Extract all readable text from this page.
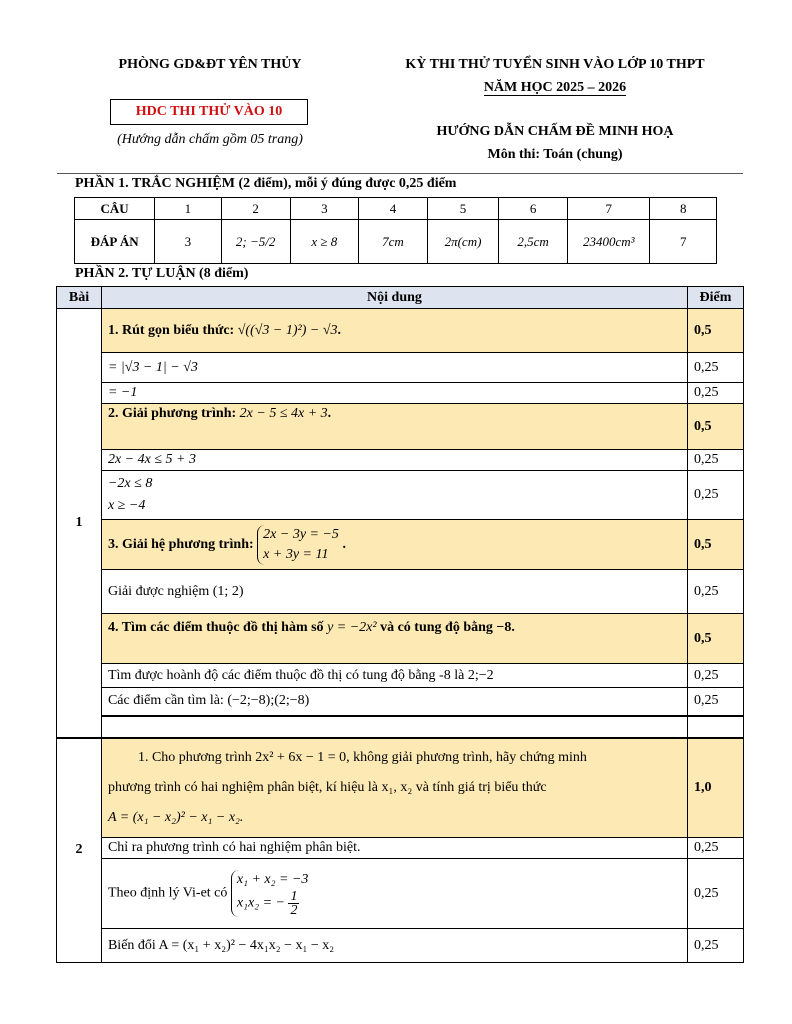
PHÒNG GD&ĐT YÊN THỦY
HDC THI THỬ VÀO 10
(Hướng dẫn chấm gồm 05 trang)
KỲ THI THỬ TUYỂN SINH VÀO LỚP 10 THPT
NĂM HỌC 2025 – 2026
HƯỚNG DẪN CHẤM ĐỀ MINH HOẠ
Môn thi: Toán (chung)
PHẦN 1. TRẮC NGHIỆM (2 điểm), mỗi ý đúng được 0,25 điểm
CÂU	1	2	3	4	5	6	7	8
ĐÁP ÁN	3	2; −5/2	x ≥ 8	7cm	2π(cm)	2,5cm	23400cm³	7
PHẦN 2. TỰ LUẬN (8 điểm)
Bài	Nội dung	Điểm
1	1. Rút gọn biểu thức: √((√3 − 1)²) − √3.	0,5
	= |√3 − 1| − √3	0,25
	= −1	0,25
	2. Giải phương trình: 2x − 5 ≤ 4x + 3.	0,5
	2x − 4x ≤ 5 + 3	0,25

	−2x ≤ 8
x ≥ −4	0,25
	3. Giải hệ phương trình:
2x − 3y = −5
x + 3y = 11
.	0,5
	Giải được nghiệm (1; 2)	0,25
	4. Tìm các điểm thuộc đồ thị hàm số y = −2x² và có tung độ bằng −8.	0,5
	Tìm được hoành độ các điểm thuộc đồ thị có tung độ bằng -8 là 2;−2	0,25
	Các điểm cần tìm là: (−2;−8);(2;−8)	0,25

2	1. Cho phương trình 2x² + 6x − 1 = 0, không giải phương trình, hãy chứng minh
phương trình có hai nghiệm phân biệt, kí hiệu là x₁, x₂ và tính giá trị biểu thức
A = (x₁ − x₂)² − x₁ − x₂.	1,0
	Chỉ ra phương trình có hai nghiệm phân biệt.	0,25
	Theo định lý Vi-et có
x₁ + x₂ = −3
x₁x₂ = − $\frac{1}{2}$	0,25
	Biến đổi A = (x₁ + x₂)² − 4x₁x₂ − x₁ − x₂	0,25
